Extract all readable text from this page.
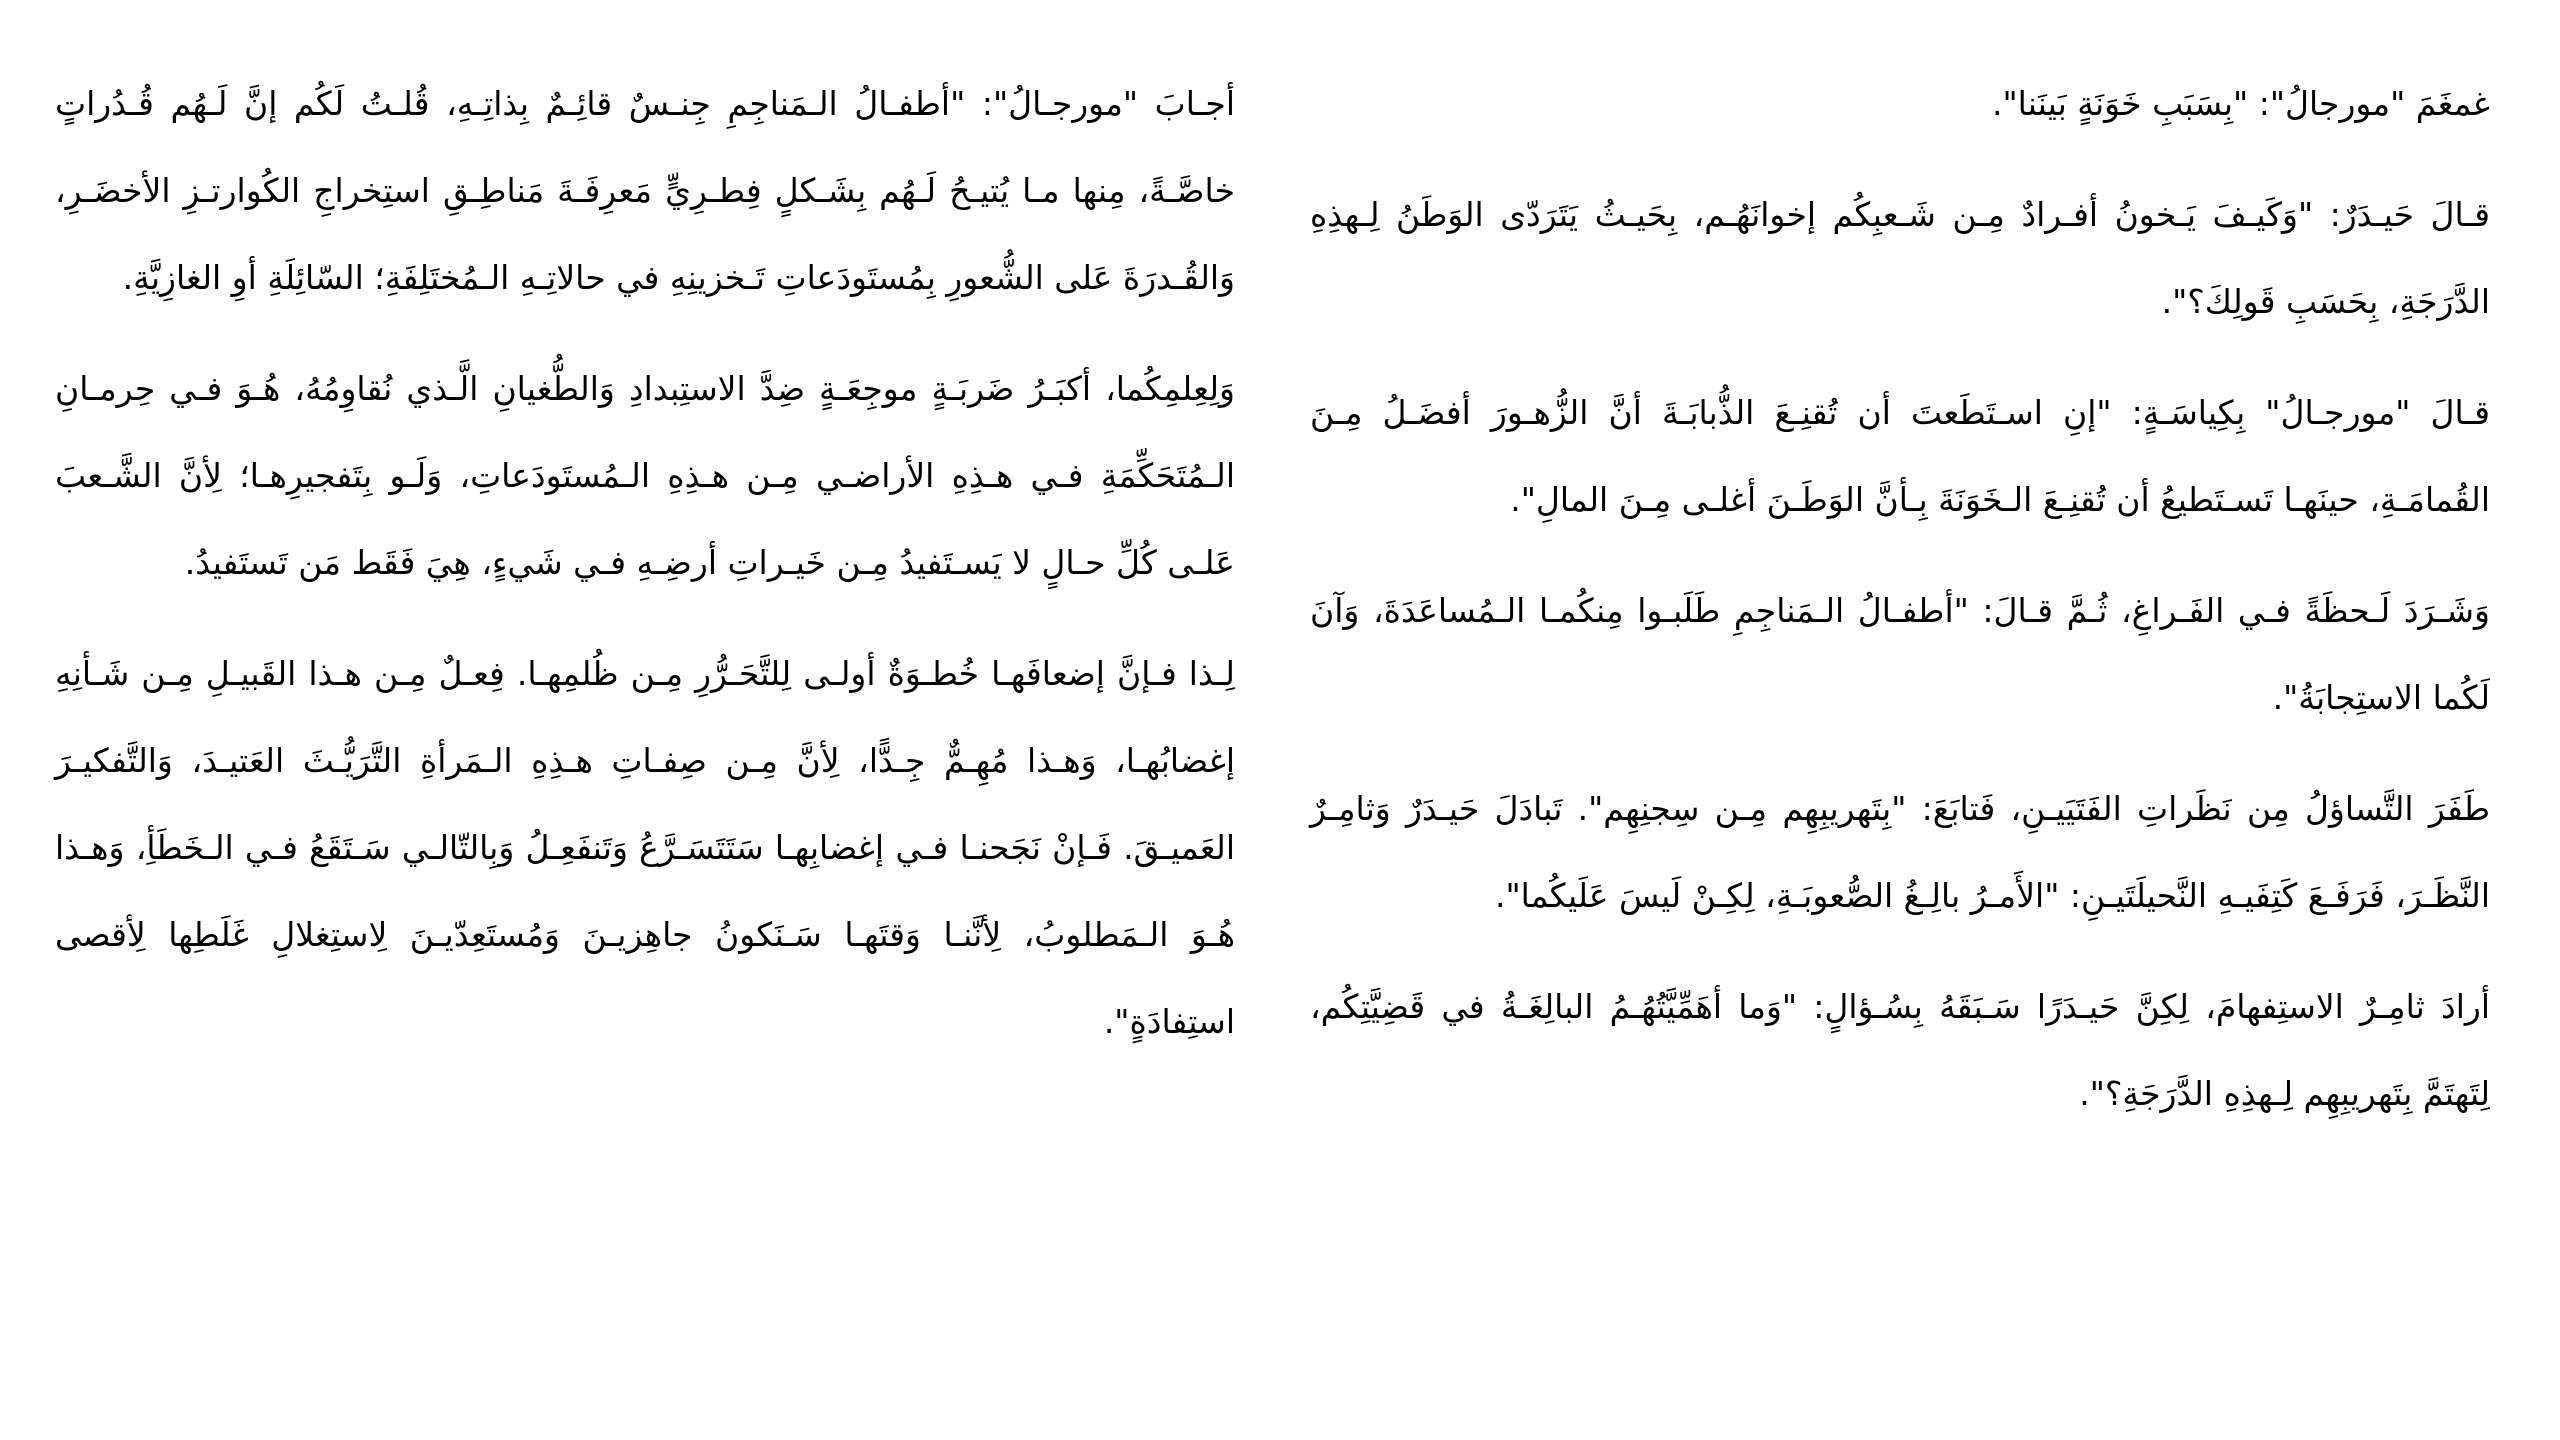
غمغَمَ "مورجالُ": "بِسَبَبِ خَوَنَةٍ بَينَنا".

قـالَ حَيـدَرٌ: "وَكَيـفَ يَـخونُ أفـرادٌ مِـن شَـعبِكُم إخوانَهُـم، بِحَيـثُ يَتَرَدّى الوَطَنُ لِـهذِهِ الدَّرَجَةِ، بِحَسَبِ قَولِكَ؟".

قـالَ "مورجـالُ" بِكِياسَـةٍ: "إنِ اسـتَطَعتَ أن تُقنِـعَ الذُّبابَـةَ أنَّ الزُّهـورَ أفضَـلُ مِـنَ القُمامَـةِ، حينَهـا تَسـتَطيعُ أن تُقنِـعَ الـخَوَنَةَ بِـأنَّ الوَطَـنَ أغلـى مِـنَ المالِ".

وَشَـرَدَ لَـحظَةً فـي الفَـراغِ، ثُـمَّ قـالَ: "أطفـالُ الـمَناجِمِ طَلَبـوا مِنكُمـا الـمُساعَدَةَ، وَآنَ لَكُما الاستِجابَةُ".

طَفَرَ التَّساؤلُ مِن نَظَراتِ الفَتَيَيـنِ، فَتابَعَ: "بِتَهريبِهِم مِـن سِجنِهِم". تَبادَلَ حَيـدَرٌ وَثامِـرٌ النَّظَـرَ، فَرَفَـعَ كَتِفَيـهِ النَّحيلَتَيـنِ: "الأَمـرُ بالِـغُ الصُّعوبَـةِ، لِكِـنْ لَيسَ عَلَيكُما".

أرادَ ثامِـرٌ الاستِفهامَ، لِكِنَّ حَيـدَرًا سَـبَقَهُ بِسُـؤالٍ: "وَما أهَمِّيَّتُهُـمُ البالِغَـةُ في قَضِيَّتِكُم، لِتَهتَمَّ بِتَهريبِهِم لِـهذِهِ الدَّرَجَةِ؟".

أجـابَ "مورجـالُ": "أطفـالُ الـمَناجِمِ جِنـسٌ قائِـمٌ بِذاتِـهِ، قُلـتُ لَكُم إنَّ لَـهُم قُـدُراتٍ خاصَّـةً، مِنها مـا يُتيـحُ لَـهُم بِشَـكلٍ فِطـرِيٍّ مَعرِفَـةَ مَناطِـقِ استِخراجِ الكُوارتـزِ الأخضَـرِ، وَالقُـدرَةَ عَلى الشُّعورِ بِمُستَودَعاتِ تَـخزينِهِ في حالاتِـهِ الـمُختَلِفَةِ؛ السّائِلَةِ أوِ الغازِيَّةِ.

وَلِعِلمِكُما، أكبَـرُ ضَربَـةٍ موجِعَـةٍ ضِدَّ الاستِبدادِ وَالطُّغيانِ الَّـذي نُقاوِمُهُ، هُـوَ فـي حِرمـانِ الـمُتَحَكِّمَةِ فـي هـذِهِ الأراضـي مِـن هـذِهِ الـمُستَودَعاتِ، وَلَـو بِتَفجيرِهـا؛ لِأنَّ الشَّـعبَ عَلـى كُلِّ حـالٍ لا يَسـتَفيدُ مِـن خَيـراتِ أرضِـهِ فـي شَيءٍ، هِيَ فَقَط مَن تَستَفيدُ.

لِـذا فـإنَّ إضعافَهـا خُطـوَةٌ أولـى لِلتَّحَـرُّرِ مِـن ظُلمِهـا. فِعـلٌ مِـن هـذا القَبيـلِ مِـن شَـأنِهِ إغضابُهـا، وَهـذا مُهِـمٌّ جِـدًّا، لِأنَّ مِـن صِفـاتِ هـذِهِ الـمَرأةِ التَّرَيُّـثَ العَتيـدَ، وَالتَّفكيـرَ العَميـقَ. فَـإنْ نَجَحنـا فـي إغضابِهـا سَتَتَسَـرَّعُ وَتَنفَعِـلُ وَبِالتّالـي سَـتَقَعُ فـي الـخَطَأِ، وَهـذا هُـوَ الـمَطلوبُ، لِأنَّنـا وَقتَهـا سَـنَكونُ جاهِزيـنَ وَمُستَعِدّيـنَ لِاستِغلالِ غَلَطِها لِأقصى استِفادَةٍ".
